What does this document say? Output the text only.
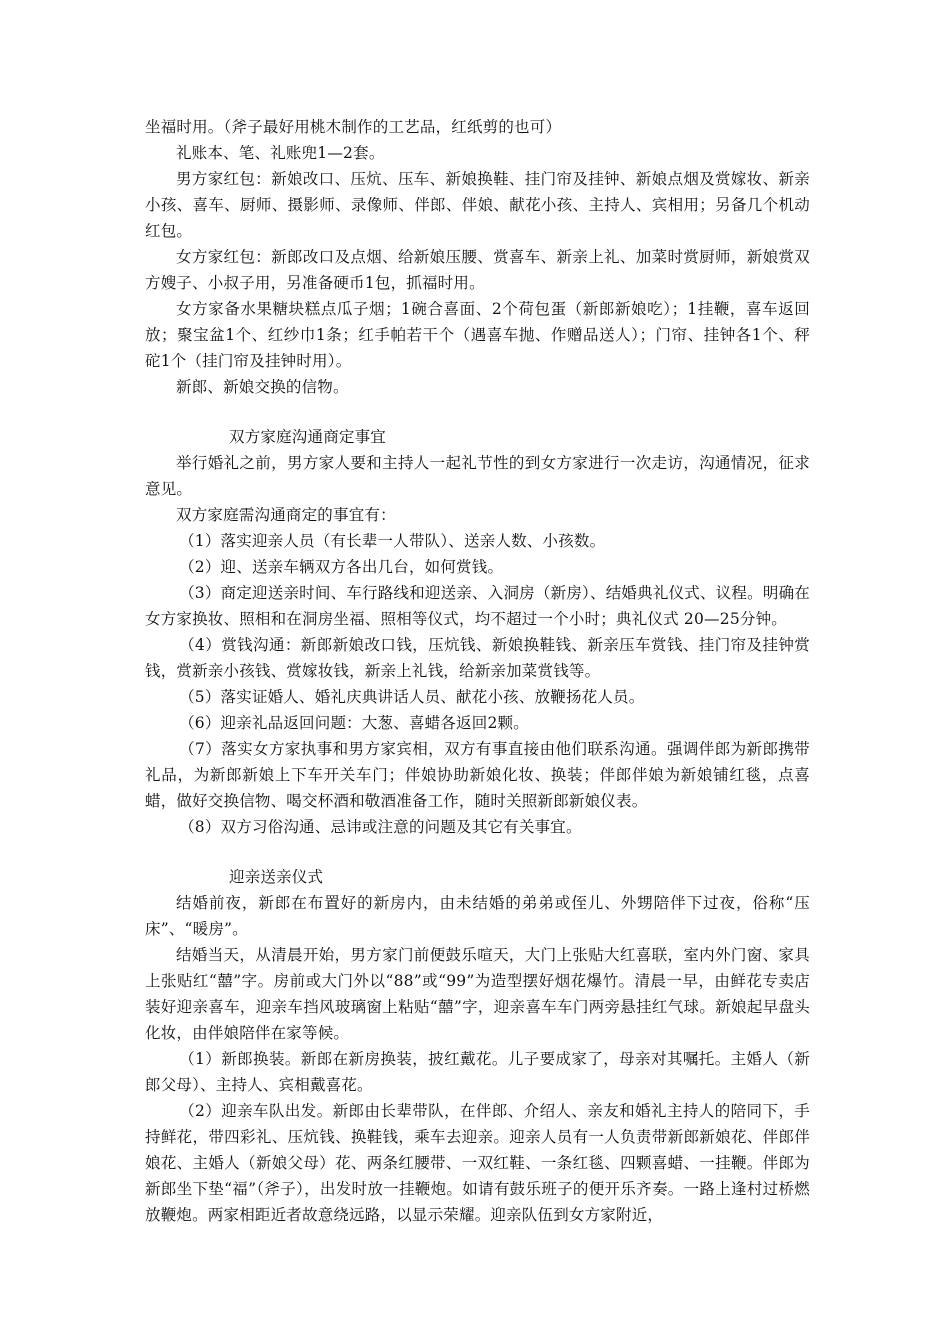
坐福时用。（斧子最好用桃木制作的工艺品，红纸剪的也可）

礼账本、笔、礼账兜1—2套。

男方家红包：新娘改口、压炕、压车、新娘换鞋、挂门帘及挂钟、新娘点烟及赏嫁妆、新亲小孩、喜车、厨师、摄影师、录像师、伴郎、伴娘、献花小孩、主持人、宾相用；另备几个机动红包。

女方家红包：新郎改口及点烟、给新娘压腰、赏喜车、新亲上礼、加菜时赏厨师，新娘赏双方嫂子、小叔子用，另准备硬币1包，抓福时用。

女方家备水果糖块糕点瓜子烟；1碗合喜面、2个荷包蛋（新郎新娘吃）；1挂鞭，喜车返回放；聚宝盆1个、红纱巾1条；红手帕若干个（遇喜车抛、作赠品送人）；门帘、挂钟各1个、秤砣1个（挂门帘及挂钟时用）。

新郎、新娘交换的信物。

双方家庭沟通商定事宜

举行婚礼之前，男方家人要和主持人一起礼节性的到女方家进行一次走访，沟通情况，征求意见。

双方家庭需沟通商定的事宜有：

（1）落实迎亲人员（有长辈一人带队）、送亲人数、小孩数。

（2）迎、送亲车辆双方各出几台，如何赏钱。

（3）商定迎送亲时间、车行路线和迎送亲、入洞房（新房）、结婚典礼仪式、议程。明确在女方家换妆、照相和在洞房坐福、照相等仪式，均不超过一个小时；典礼仪式 20—25分钟。

（4）赏钱沟通：新郎新娘改口钱，压炕钱、新娘换鞋钱、新亲压车赏钱、挂门帘及挂钟赏钱，赏新亲小孩钱、赏嫁妆钱，新亲上礼钱，给新亲加菜赏钱等。

（5）落实证婚人、婚礼庆典讲话人员、献花小孩、放鞭扬花人员。

（6）迎亲礼品返回问题：大葱、喜蜡各返回2颗。

（7）落实女方家执事和男方家宾相，双方有事直接由他们联系沟通。强调伴郎为新郎携带礼品，为新郎新娘上下车开关车门；伴娘协助新娘化妆、换装；伴郎伴娘为新娘铺红毯，点喜蜡，做好交换信物、喝交杯酒和敬酒准备工作，随时关照新郎新娘仪表。

（8）双方习俗沟通、忌讳或注意的问题及其它有关事宜。

迎亲送亲仪式

结婚前夜，新郎在布置好的新房内，由未结婚的弟弟或侄儿、外甥陪伴下过夜，俗称“压床”、“暖房”。

结婚当天，从清晨开始，男方家门前便鼓乐喧天，大门上张贴大红喜联，室内外门窗、家具上张贴红“囍”字。房前或大门外以“88”或“99”为造型摆好烟花爆竹。清晨一早，由鲜花专卖店装好迎亲喜车，迎亲车挡风玻璃窗上粘贴“囍”字，迎亲喜车车门两旁悬挂红气球。新娘起早盘头化妆，由伴娘陪伴在家等候。

（1）新郎换装。新郎在新房换装，披红戴花。儿子要成家了，母亲对其嘱托。主婚人（新郎父母）、主持人、宾相戴喜花。

（2）迎亲车队出发。新郎由长辈带队，在伴郎、介绍人、亲友和婚礼主持人的陪同下，手持鲜花，带四彩礼、压炕钱、换鞋钱，乘车去迎亲。迎亲人员有一人负责带新郎新娘花、伴郎伴娘花、主婚人（新娘父母）花、两条红腰带、一双红鞋、一条红毯、四颗喜蜡、一挂鞭。伴郎为新郎坐下垫“福”（斧子），出发时放一挂鞭炮。如请有鼓乐班子的便开乐齐奏。一路上逢村过桥燃放鞭炮。两家相距近者故意绕远路，以显示荣耀。迎亲队伍到女方家附近，
